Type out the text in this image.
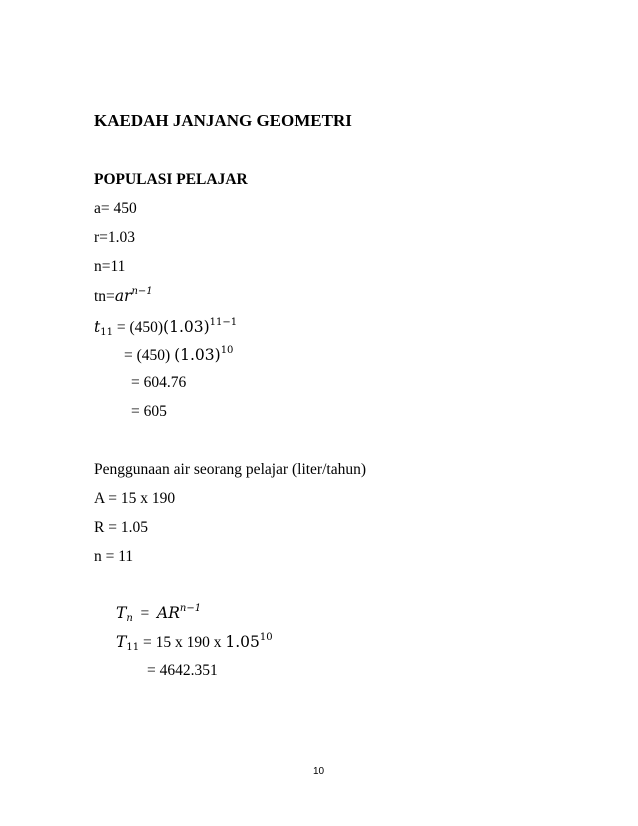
KAEDAH JANJANG GEOMETRI
POPULASI PELAJAR
a= 450
r=1.03
n=11
$tn=ar^{n-1}$
$t_{11} = (450)(1.03)^{11-1}$
= (450) $(1.03)^{10}$
= 604.76
= 605
Penggunaan air seorang pelajar (liter/tahun)
A = 15 x 190
R = 1.05
n = 11
$T_n = AR^{n-1}$
$T_{11} = 15$ x 190 x $1.05^{10}$
= 4642.351
10
